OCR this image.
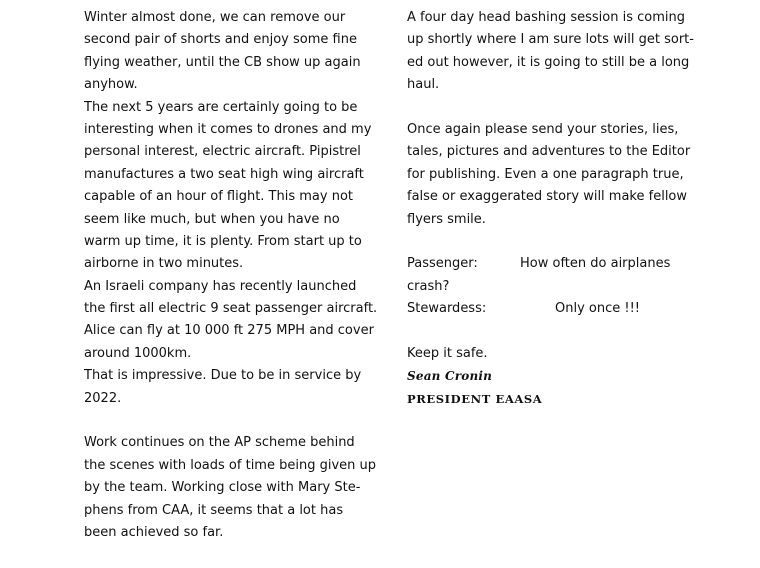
Winter almost done, we can remove our
second pair of shorts and enjoy some fine
flying weather, until the CB show up again
anyhow.
The next 5 years are certainly going to be
interesting when it comes to drones and my
personal interest, electric aircraft. Pipistrel
manufactures a two seat high wing aircraft
capable of an hour of flight. This may not
seem like much, but when you have no
warm up time, it is plenty. From start up to
airborne in two minutes.
An Israeli company has recently launched
the first all electric 9 seat passenger aircraft.
Alice can fly at 10 000 ft 275 MPH and cover
around 1000km.
That is impressive. Due to be in service by
2022.
Work continues on the AP scheme behind
the scenes with loads of time being given up
by the team. Working close with Mary Ste-
phens from CAA, it seems that a lot has
been achieved so far.
A four day head bashing session is coming
up shortly where I am sure lots will get sort-
ed out however, it is going to still be a long
haul.
Once again please send your stories, lies,
tales, pictures and adventures to the Editor
for publishing. Even a one paragraph true,
false or exaggerated story will make fellow
flyers smile.
Passenger:	How often do airplanes
crash?
Stewardess:	Only once !!!
Keep it safe.
Sean Cronin
PRESIDENT EAASA
